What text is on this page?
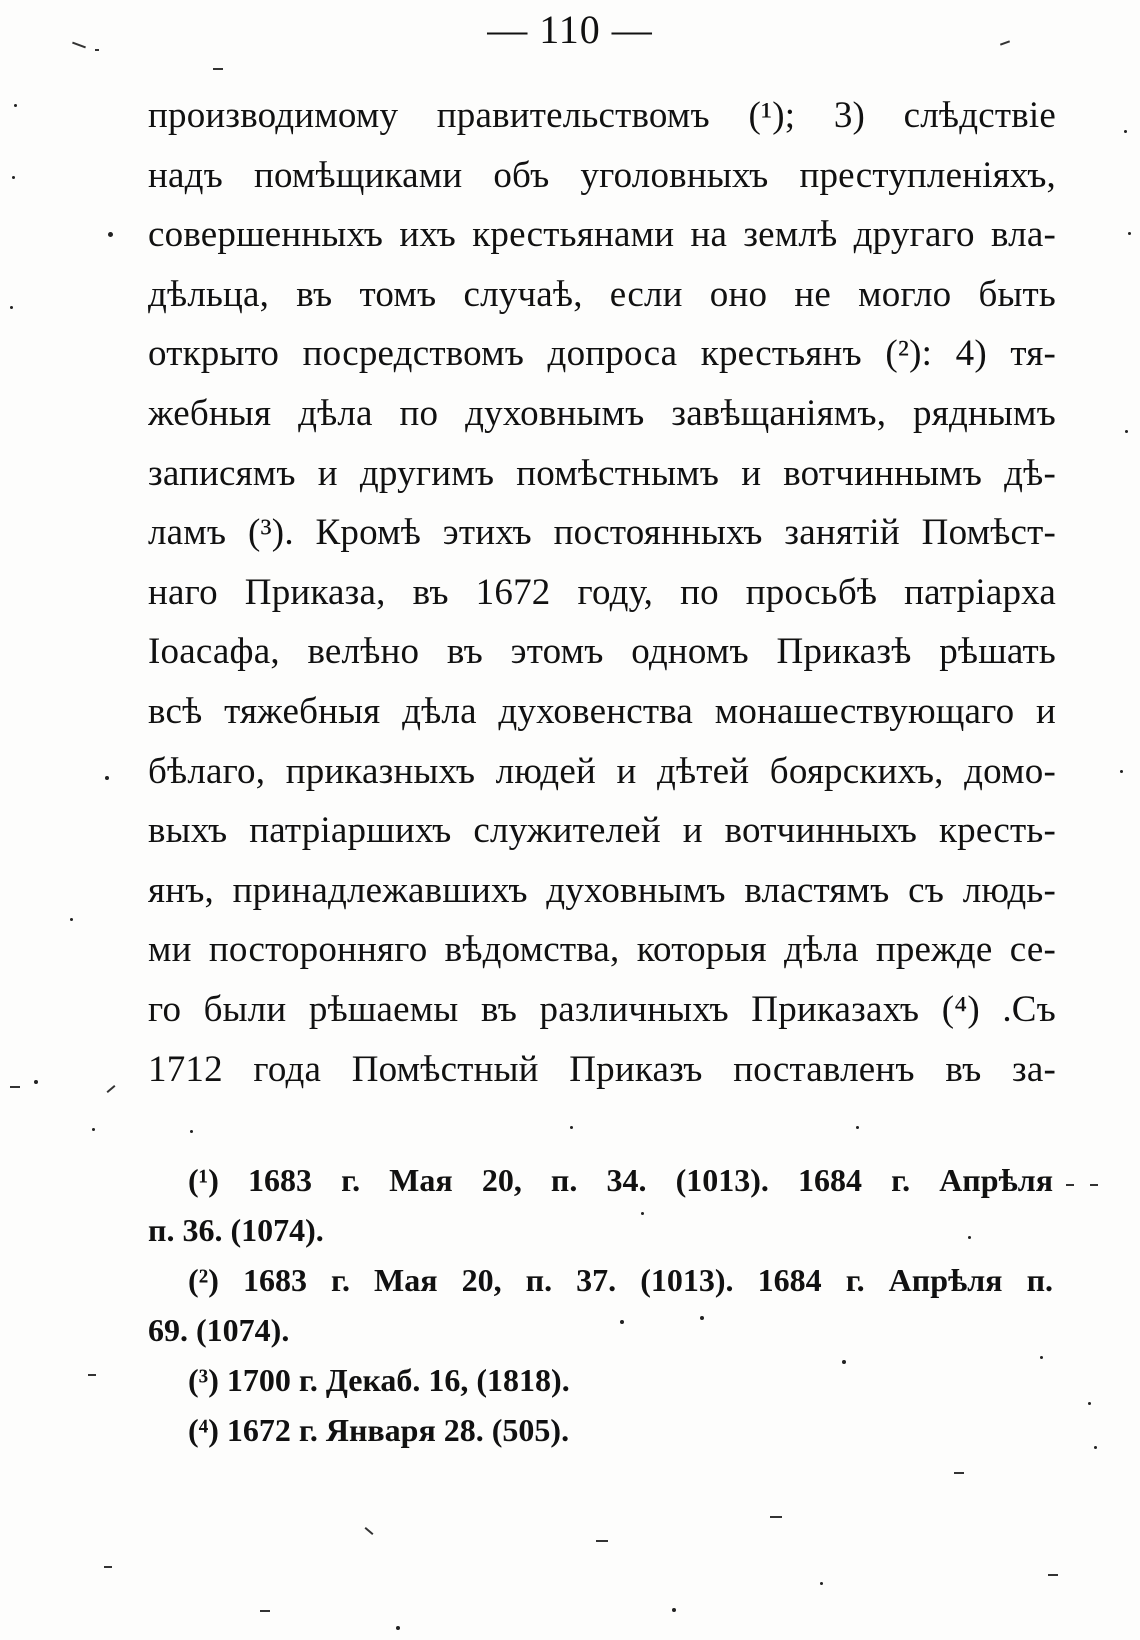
— 110 —
производимому правительствомъ (¹); 3) слѣдствіе
надъ помѣщиками объ уголовныхъ преступленіяхъ,
совершенныхъ ихъ крестьянами на землѣ другаго вла-
дѣльца, въ томъ случаѣ, если оно не могло быть
открыто посредствомъ допроса крестьянъ (²): 4) тя-
жебныя дѣла по духовнымъ завѣщаніямъ, ряднымъ
записямъ и другимъ помѣстнымъ и вотчиннымъ дѣ-
ламъ (³). Кромѣ этихъ постоянныхъ занятій Помѣст-
наго Приказа, въ 1672 году, по просьбѣ патріарха
Іоасафа, велѣно въ этомъ одномъ Приказѣ рѣшать
всѣ тяжебныя дѣла духовенства монашествующаго и
бѣлаго, приказныхъ людей и дѣтей боярскихъ, домо-
выхъ патріаршихъ служителей и вотчинныхъ кресть-
янъ, принадлежавшихъ духовнымъ властямъ съ людь-
ми посторонняго вѣдомства, которыя дѣла прежде се-
го были рѣшаемы въ различныхъ Приказахъ (⁴) .Съ
1712 года Помѣстный Приказъ поставленъ въ за-
(¹) 1683 г. Мая 20, п. 34. (1013). 1684 г. Апрѣля
п. 36. (1074).
(²) 1683 г. Мая 20, п. 37. (1013). 1684 г. Апрѣля п.
69. (1074).
(³) 1700 г. Декаб. 16, (1818).
(⁴) 1672 г. Января 28. (505).
